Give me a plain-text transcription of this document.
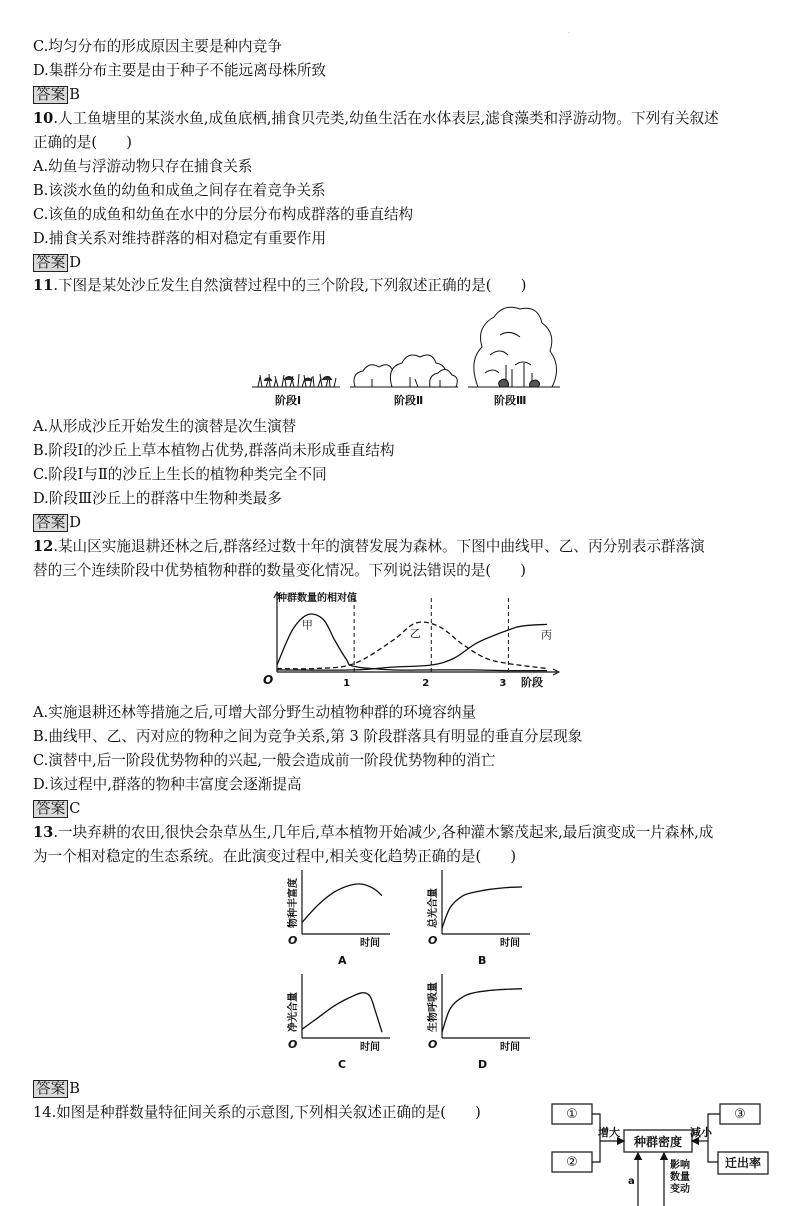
.
C.均匀分布的形成原因主要是种内竞争
D.集群分布主要是由于种子不能远离母株所致
答案 B
10.人工鱼塘里的某淡水鱼,成鱼底栖,捕食贝壳类,幼鱼生活在水体表层,滤食藻类和浮游动物。下列有关叙述
正确的是(　　)
A.幼鱼与浮游动物只存在捕食关系
B.该淡水鱼的幼鱼和成鱼之间存在着竞争关系
C.该鱼的成鱼和幼鱼在水中的分层分布构成群落的垂直结构
D.捕食关系对维持群落的相对稳定有重要作用
答案 D
11.下图是某处沙丘发生自然演替过程中的三个阶段,下列叙述正确的是(　　)
阶段Ⅰ	阶段Ⅱ	阶段Ⅲ
A.从形成沙丘开始发生的演替是次生演替
B.阶段Ⅰ的沙丘上草本植物占优势,群落尚未形成垂直结构
C.阶段Ⅰ与Ⅱ的沙丘上生长的植物种类完全不同
D.阶段Ⅲ沙丘上的群落中生物种类最多
答案 D
12.某山区实施退耕还林之后,群落经过数十年的演替发展为森林。下图中曲线甲、乙、丙分别表示群落演
替的三个连续阶段中优势植物种群的数量变化情况。下列说法错误的是(　　)
种群数量的相对值
阶段
O	1	2	3
甲
乙	丙
A.实施退耕还林等措施之后,可增大部分野生动植物种群的环境容纳量
B.曲线甲、乙、丙对应的物种之间为竞争关系,第 3 阶段群落具有明显的垂直分层现象
C.演替中,后一阶段优势物种的兴起,一般会造成前一阶段优势物种的消亡
D.该过程中,群落的物种丰富度会逐渐提高
答案 C
13.一块弃耕的农田,很快会杂草丛生,几年后,草本植物开始减少,各种灌木繁茂起来,最后演变成一片森林,成
为一个相对稳定的生态系统。在此演变过程中,相关变化趋势正确的是(　　)
物种丰富度
时间
O
A
总光合量
时间
O
B
净光合量
时间
O
C
生物呼吸量
时间
O
D
答案 B
14.如图是种群数量特征间关系的示意图,下列相关叙述正确的是(　　)	①
②
③
种群密度
迁出率
增大	减小
a
影响
数量
变动
